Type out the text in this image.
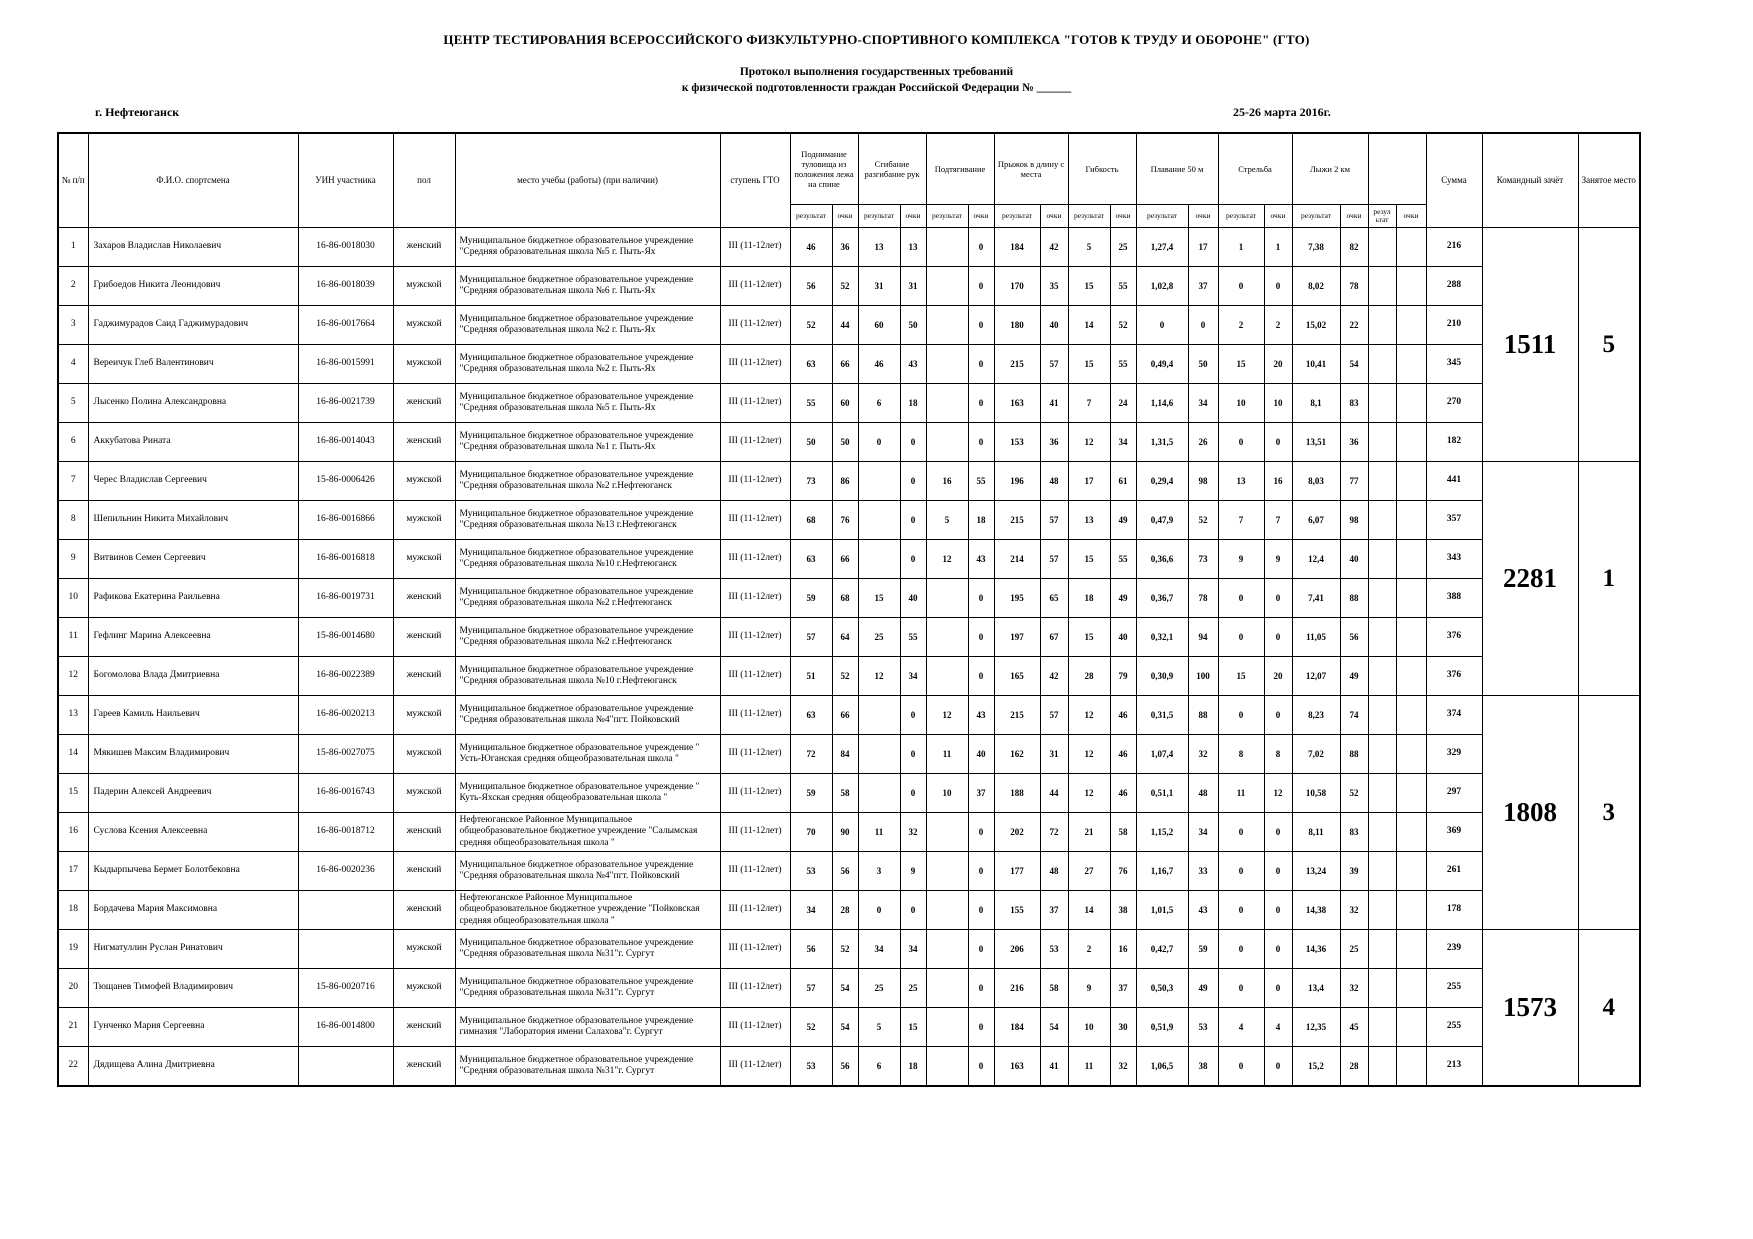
ЦЕНТР ТЕСТИРОВАНИЯ ВСЕРОССИЙСКОГО ФИЗКУЛЬТУРНО-СПОРТИВНОГО КОМПЛЕКСА "ГОТОВ К ТРУДУ И ОБОРОНЕ" (ГТО)
Протокол выполнения государственных требований
к физической подготовленности граждан Российской Федерации № ______
г. Нефтеюганск	25-26 марта 2016г.
№ п/п	Ф.И.О. спортсмена	УИН участника	пол	место учебы (работы) (при наличии)	ступень ГТО	Поднимание туловища из положения лежа на спине		Сгибание разгибание рук		Подтягивание		Прыжок в длину с места		Гибкость		Плавание 50 м		Стрельба		Лыжи 2 км				Сумма	Командный зачёт	Занятое место
						результат	очки	результат	очки	результат	очки	результат	очки	результат	очки	результат	очки	результат	очки	результат	очки	резул ьтат	очки			
1	Захаров Владислав Николаевич	16-86-0018030	женский	Муниципальное бюджетное образовательное учреждение "Средняя образовательная школа №5 г. Пыть-Ях	III (11-12лет)	46	36	13	13		0	184	42	5	25	1,27,4	17	1	1	7,38	82			216	1511	5
2	Грибоедов Никита Леонидович	16-86-0018039	мужской	Муниципальное бюджетное образовательное учреждение "Средняя образовательная школа №6 г. Пыть-Ях	III (11-12лет)	56	52	31	31		0	170	35	15	55	1,02,8	37	0	0	8,02	78			288		
3	Гаджимурадов Саид Гаджимурадович	16-86-0017664	мужской	Муниципальное бюджетное образовательное учреждение "Средняя образовательная школа №2 г. Пыть-Ях	III (11-12лет)	52	44	60	50		0	180	40	14	52	0	0	2	2	15,02	22			210		
4	Вереичук Глеб Валентинович	16-86-0015991	мужской	Муниципальное бюджетное образовательное учреждение "Средняя образовательная школа №2 г. Пыть-Ях	III (11-12лет)	63	66	46	43		0	215	57	15	55	0,49,4	50	15	20	10,41	54			345		
5	Лысенко Полина Александровна	16-86-0021739	женский	Муниципальное бюджетное образовательное учреждение "Средняя образовательная школа №5 г. Пыть-Ях	III (11-12лет)	55	60	6	18		0	163	41	7	24	1,14,6	34	10	10	8,1	83			270		
6	Аккубатова Рината	16-86-0014043	женский	Муниципальное бюджетное образовательное учреждение "Средняя образовательная школа №1 г. Пыть-Ях	III (11-12лет)	50	50	0	0		0	153	36	12	34	1,31,5	26	0	0	13,51	36			182		
7	Черес Владислав Сергеевич	15-86-0006426	мужской	Муниципальное бюджетное образовательное учреждение "Средняя образовательная школа №2 г.Нефтеюганск	III (11-12лет)	73	86		0	16	55	196	48	17	61	0,29,4	98	13	16	8,03	77			441	2281	1
8	Шепильнин Никита Михайлович	16-86-0016866	мужской	Муниципальное бюджетное образовательное учреждение "Средняя образовательная школа №13 г.Нефтеюганск	III (11-12лет)	68	76		0	5	18	215	57	13	49	0,47,9	52	7	7	6,07	98			357		
9	Витвинов Семен Сергеевич	16-86-0016818	мужской	Муниципальное бюджетное образовательное учреждение "Средняя образовательная школа №10 г.Нефтеюганск	III (11-12лет)	63	66		0	12	43	214	57	15	55	0,36,6	73	9	9	12,4	40			343		
10	Рафикова Екатерина Раильевна	16-86-0019731	женский	Муниципальное бюджетное образовательное учреждение "Средняя образовательная школа №2 г.Нефтеюганск	III (11-12лет)	59	68	15	40		0	195	65	18	49	0,36,7	78	0	0	7,41	88			388		
11	Гефлинг Марина Алексеевна	15-86-0014680	женский	Муниципальное бюджетное образовательное учреждение "Средняя образовательная школа №2 г.Нефтеюганск	III (11-12лет)	57	64	25	55		0	197	67	15	40	0,32,1	94	0	0	11,05	56			376		
12	Богомолова Влада Дмитриевна	16-86-0022389	женский	Муниципальное бюджетное образовательное учреждение "Средняя образовательная школа №10 г.Нефтеюганск	III (11-12лет)	51	52	12	34		0	165	42	28	79	0,30,9	100	15	20	12,07	49			376		
13	Гареев Камиль Наильевич	16-86-0020213	мужской	Муниципальное бюджетное образовательное учреждение "Средняя образовательная школа №4"пгт. Пойковский	III (11-12лет)	63	66		0	12	43	215	57	12	46	0,31,5	88	0	0	8,23	74			374	1808	3
14	Мякишев Максим Владимирович	15-86-0027075	мужской	Муниципальное бюджетное образовательное учреждение " Усть-Юганская средняя общеобразовательная школа "	III (11-12лет)	72	84		0	11	40	162	31	12	46	1,07,4	32	8	8	7,02	88			329		
15	Падерин Алексей Андреевич	16-86-0016743	мужской	Муниципальное бюджетное образовательное учреждение " Куть-Яхская средняя общеобразовательная школа "	III (11-12лет)	59	58		0	10	37	188	44	12	46	0,51,1	48	11	12	10,58	52			297		
16	Суслова Ксения Алексеевна	16-86-0018712	женский	Нефтеюганское Районное Муниципальное общеобразовательное бюджетное учреждение "Салымская средняя общеобразовательная школа "	III (11-12лет)	70	90	11	32		0	202	72	21	58	1,15,2	34	0	0	8,11	83			369		
17	Кыдырпычева Бермет Болотбековна	16-86-0020236	женский	Муниципальное бюджетное образовательное учреждение "Средняя образовательная школа №4"пгт. Пойковский	III (11-12лет)	53	56	3	9		0	177	48	27	76	1,16,7	33	0	0	13,24	39			261		
18	Бордачева Мария Максимовна		женский	Нефтеюганское Районное Муниципальное общеобразовательное бюджетное учреждение "Пойковская средняя общеобразовательная школа "	III (11-12лет)	34	28	0	0		0	155	37	14	38	1,01,5	43	0	0	14,38	32			178		
19	Нигматуллин Руслан Ринатович		мужской	Муниципальное бюджетное образовательное учреждение "Средняя образовательная школа №31"г. Сургут	III (11-12лет)	56	52	34	34		0	206	53	2	16	0,42,7	59	0	0	14,36	25			239	1573	4
20	Тющанев Тимофей Владимирович	15-86-0020716	мужской	Муниципальное бюджетное образовательное учреждение "Средняя образовательная школа №31"г. Сургут	III (11-12лет)	57	54	25	25		0	216	58	9	37	0,50,3	49	0	0	13,4	32			255		
21	Гунченко Мария Сергеевна	16-86-0014800	женский	Муниципальное бюджетное образовательное учреждение гимназия "Лаборатория имени Салахова"г. Сургут	III (11-12лет)	52	54	5	15		0	184	54	10	30	0,51,9	53	4	4	12,35	45			255		
22	Дядищева Алина Дмитриевна		женский	Муниципальное бюджетное образовательное учреждение "Средняя образовательная школа №31"г. Сургут	III (11-12лет)	53	56	6	18		0	163	41	11	32	1,06,5	38	0	0	15,2	28			213		
